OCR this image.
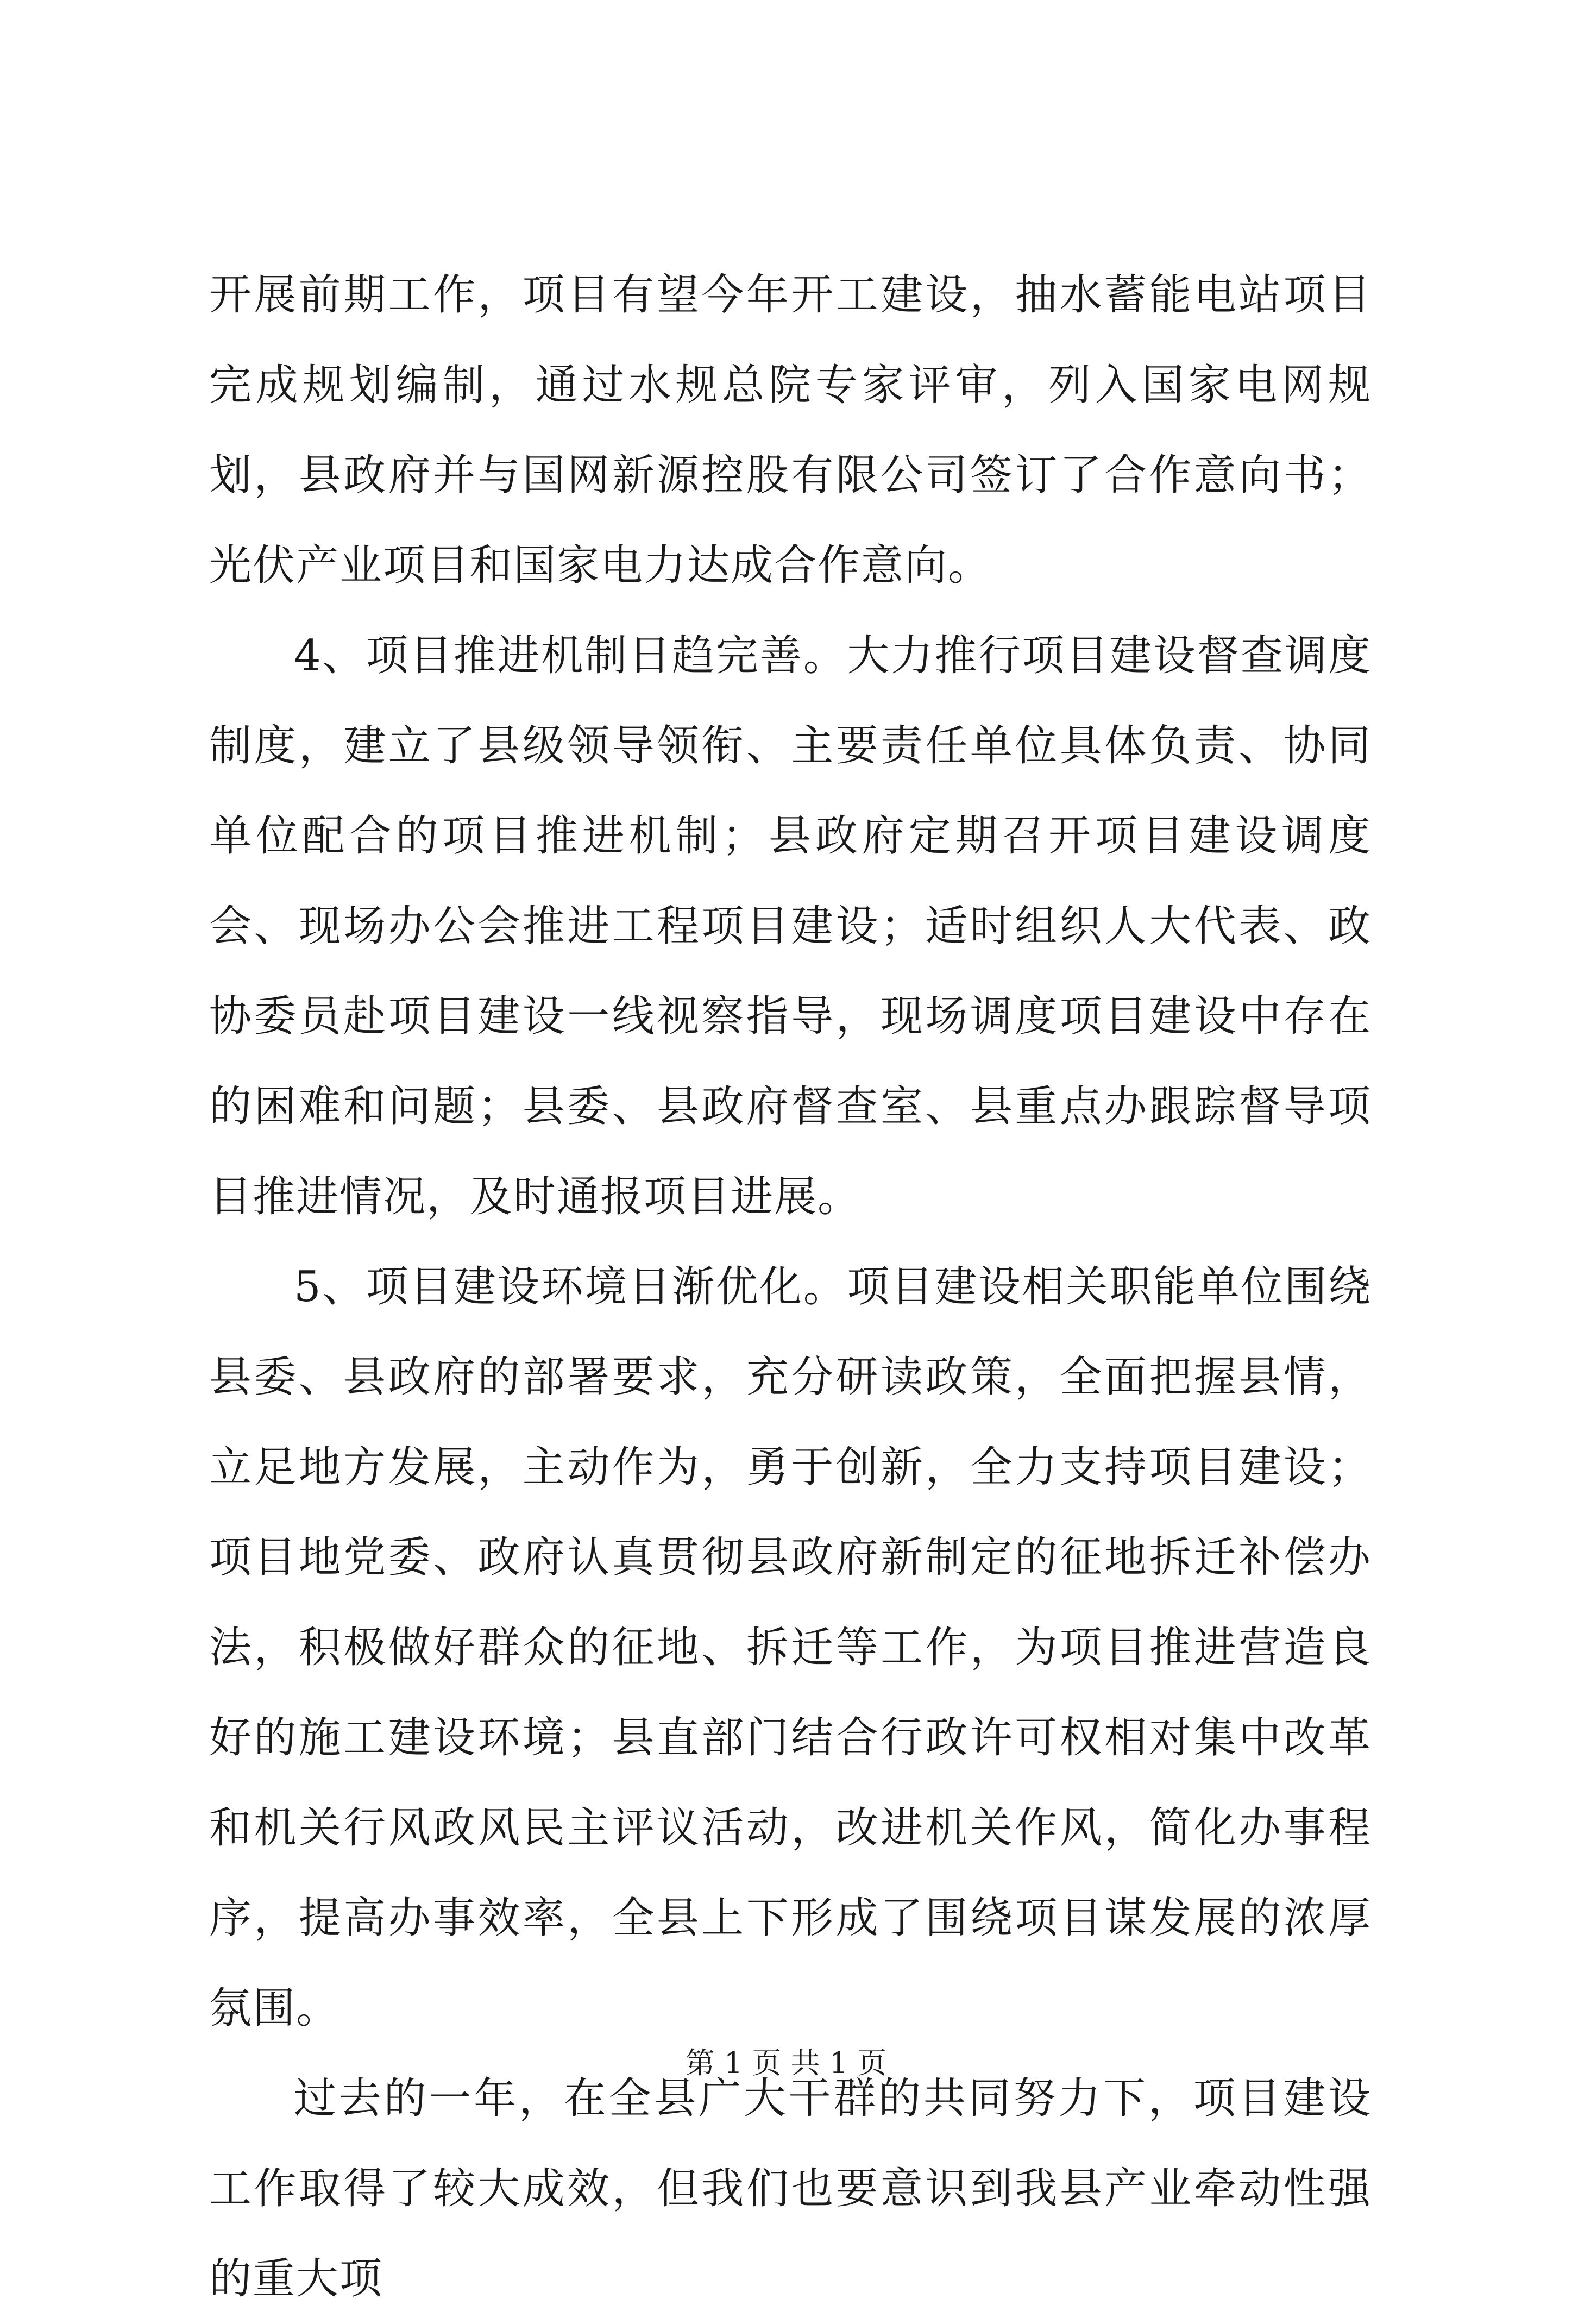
开展前期工作，项目有望今年开工建设，抽水蓄能电站项目完成规划编制，通过水规总院专家评审，列入国家电网规划，县政府并与国网新源控股有限公司签订了合作意向书；光伏产业项目和国家电力达成合作意向。

4、项目推进机制日趋完善。大力推行项目建设督查调度制度，建立了县级领导领衔、主要责任单位具体负责、协同单位配合的项目推进机制；县政府定期召开项目建设调度会、现场办公会推进工程项目建设；适时组织人大代表、政协委员赴项目建设一线视察指导，现场调度项目建设中存在的困难和问题；县委、县政府督查室、县重点办跟踪督导项目推进情况，及时通报项目进展。

5、项目建设环境日渐优化。项目建设相关职能单位围绕县委、县政府的部署要求，充分研读政策，全面把握县情，立足地方发展，主动作为，勇于创新，全力支持项目建设；项目地党委、政府认真贯彻县政府新制定的征地拆迁补偿办法，积极做好群众的征地、拆迁等工作，为项目推进营造良好的施工建设环境；县直部门结合行政许可权相对集中改革和机关行风政风民主评议活动，改进机关作风，简化办事程序，提高办事效率，全县上下形成了围绕项目谋发展的浓厚氛围。

过去的一年，在全县广大干群的共同努力下，项目建设工作取得了较大成效，但我们也要意识到我县产业牵动性强的重大项

第 1 页 共 1 页
